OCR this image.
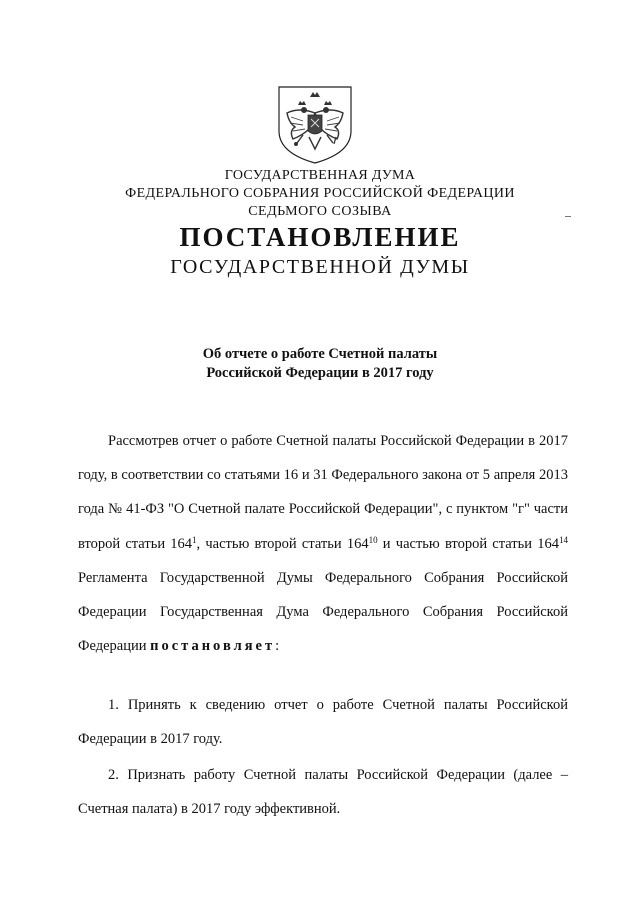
ГОСУДАРСТВЕННАЯ ДУМА
ФЕДЕРАЛЬНОГО СОБРАНИЯ РОССИЙСКОЙ ФЕДЕРАЦИИ
СЕДЬМОГО СОЗЫВА
ПОСТАНОВЛЕНИЕ
ГОСУДАРСТВЕННОЙ ДУМЫ
Об отчете о работе Счетной палаты
Российской Федерации в 2017 году

Рассмотрев отчет о работе Счетной палаты Российской Федерации в 2017 году, в соответствии со статьями 16 и 31 Федерального закона от 5 апреля 2013 года № 41-ФЗ "О Счетной палате Российской Федерации", с пунктом "г" части второй статьи $164^1$, частью второй статьи $164^{10}$ и частью второй статьи $164^{14}$ Регламента Государственной Думы Федерального Собрания Российской Федерации Государственная Дума Федерального Собрания Российской Федерации постановляет:

1. Принять к сведению отчет о работе Счетной палаты Российской Федерации в 2017 году.

2. Признать работу Счетной палаты Российской Федерации (далее – Счетная палата) в 2017 году эффективной.
